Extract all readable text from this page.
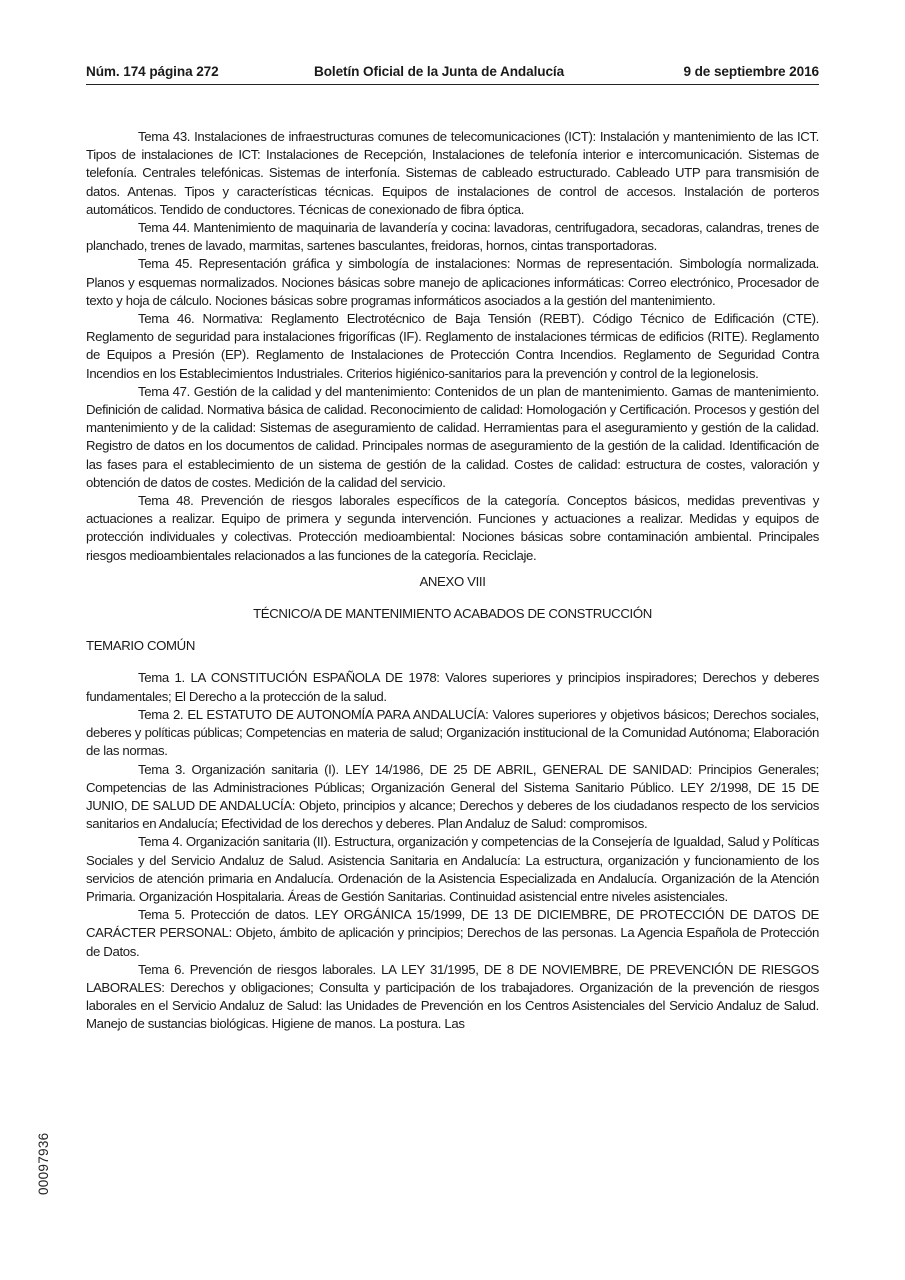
Núm. 174 página 272	Boletín Oficial de la Junta de Andalucía	9 de septiembre 2016

Tema 43. Instalaciones de infraestructuras comunes de telecomunicaciones (ICT): Instalación y mantenimiento de las ICT. Tipos de instalaciones de ICT: Instalaciones de Recepción, Instalaciones de telefonía interior e intercomunicación. Sistemas de telefonía. Centrales telefónicas. Sistemas de interfonía. Sistemas de cableado estructurado. Cableado UTP para transmisión de datos. Antenas. Tipos y características técnicas. Equipos de instalaciones de control de accesos. Instalación de porteros automáticos. Tendido de conductores. Técnicas de conexionado de fibra óptica.

Tema 44. Mantenimiento de maquinaria de lavandería y cocina: lavadoras, centrifugadora, secadoras, calandras, trenes de planchado, trenes de lavado, marmitas, sartenes basculantes, freidoras, hornos, cintas transportadoras.

Tema 45. Representación gráfica y simbología de instalaciones: Normas de representación. Simbología normalizada. Planos y esquemas normalizados. Nociones básicas sobre manejo de aplicaciones informáticas: Correo electrónico, Procesador de texto y hoja de cálculo. Nociones básicas sobre programas informáticos asociados a la gestión del mantenimiento.

Tema 46. Normativa: Reglamento Electrotécnico de Baja Tensión (REBT). Código Técnico de Edificación (CTE). Reglamento de seguridad para instalaciones frigoríficas (IF). Reglamento de instalaciones térmicas de edificios (RITE). Reglamento de Equipos a Presión (EP). Reglamento de Instalaciones de Protección Contra Incendios. Reglamento de Seguridad Contra Incendios en los Establecimientos Industriales. Criterios higiénico-sanitarios para la prevención y control de la legionelosis.

Tema 47. Gestión de la calidad y del mantenimiento: Contenidos de un plan de mantenimiento. Gamas de mantenimiento. Definición de calidad. Normativa básica de calidad. Reconocimiento de calidad: Homologación y Certificación. Procesos y gestión del mantenimiento y de la calidad: Sistemas de aseguramiento de calidad. Herramientas para el aseguramiento y gestión de la calidad. Registro de datos en los documentos de calidad. Principales normas de aseguramiento de la gestión de la calidad. Identificación de las fases para el establecimiento de un sistema de gestión de la calidad. Costes de calidad: estructura de costes, valoración y obtención de datos de costes. Medición de la calidad del servicio.

Tema 48. Prevención de riesgos laborales específicos de la categoría. Conceptos básicos, medidas preventivas y actuaciones a realizar. Equipo de primera y segunda intervención. Funciones y actuaciones a realizar. Medidas y equipos de protección individuales y colectivas. Protección medioambiental: Nociones básicas sobre contaminación ambiental. Principales riesgos medioambientales relacionados a las funciones de la categoría. Reciclaje.

ANEXO VIII

TÉCNICO/A DE MANTENIMIENTO ACABADOS DE CONSTRUCCIÓN

TEMARIO COMÚN

Tema 1. LA CONSTITUCIÓN ESPAÑOLA DE 1978: Valores superiores y principios inspiradores; Derechos y deberes fundamentales; El Derecho a la protección de la salud.

Tema 2. EL ESTATUTO DE AUTONOMÍA PARA ANDALUCÍA: Valores superiores y objetivos básicos; Derechos sociales, deberes y políticas públicas; Competencias en materia de salud; Organización institucional de la Comunidad Autónoma; Elaboración de las normas.

Tema 3. Organización sanitaria (I). LEY 14/1986, DE 25 DE ABRIL, GENERAL DE SANIDAD: Principios Generales; Competencias de las Administraciones Públicas; Organización General del Sistema Sanitario Público. LEY 2/1998, DE 15 DE JUNIO, DE SALUD DE ANDALUCÍA: Objeto, principios y alcance; Derechos y deberes de los ciudadanos respecto de los servicios sanitarios en Andalucía; Efectividad de los derechos y deberes. Plan Andaluz de Salud: compromisos.

Tema 4. Organización sanitaria (II). Estructura, organización y competencias de la Consejería de Igualdad, Salud y Políticas Sociales y del Servicio Andaluz de Salud. Asistencia Sanitaria en Andalucía: La estructura, organización y funcionamiento de los servicios de atención primaria en Andalucía. Ordenación de la Asistencia Especializada en Andalucía. Organización de la Atención Primaria. Organización Hospitalaria. Áreas de Gestión Sanitarias. Continuidad asistencial entre niveles asistenciales.

Tema 5. Protección de datos. LEY ORGÁNICA 15/1999, DE 13 DE DICIEMBRE, DE PROTECCIÓN DE DATOS DE CARÁCTER PERSONAL: Objeto, ámbito de aplicación y principios; Derechos de las personas. La Agencia Española de Protección de Datos.

Tema 6. Prevención de riesgos laborales. LA LEY 31/1995, DE 8 DE NOVIEMBRE, DE PREVENCIÓN DE RIESGOS LABORALES: Derechos y obligaciones; Consulta y participación de los trabajadores. Organización de la prevención de riesgos laborales en el Servicio Andaluz de Salud: las Unidades de Prevención en los Centros Asistenciales del Servicio Andaluz de Salud. Manejo de sustancias biológicas. Higiene de manos. La postura. Las

00097936
